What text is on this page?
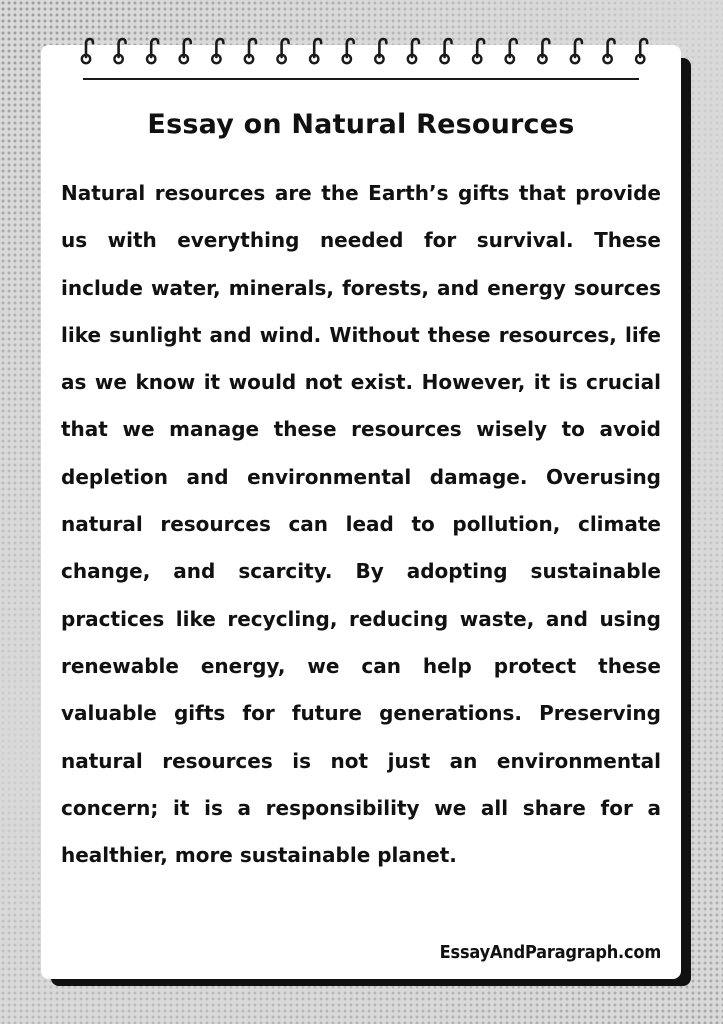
Essay on Natural Resources

Natural resources are the Earth’s gifts that provide us with everything needed for survival. These include water, minerals, forests, and energy sources like sunlight and wind. Without these resources, life as we know it would not exist. However, it is crucial that we manage these resources wisely to avoid depletion and environmental damage. Overusing natural resources can lead to pollution, climate change, and scarcity. By adopting sustainable practices like recycling, reducing waste, and using renewable energy, we can help protect these valuable gifts for future generations. Preserving natural resources is not just an environmental concern; it is a responsibility we all share for a healthier, more sustainable planet.

EssayAndParagraph.com
